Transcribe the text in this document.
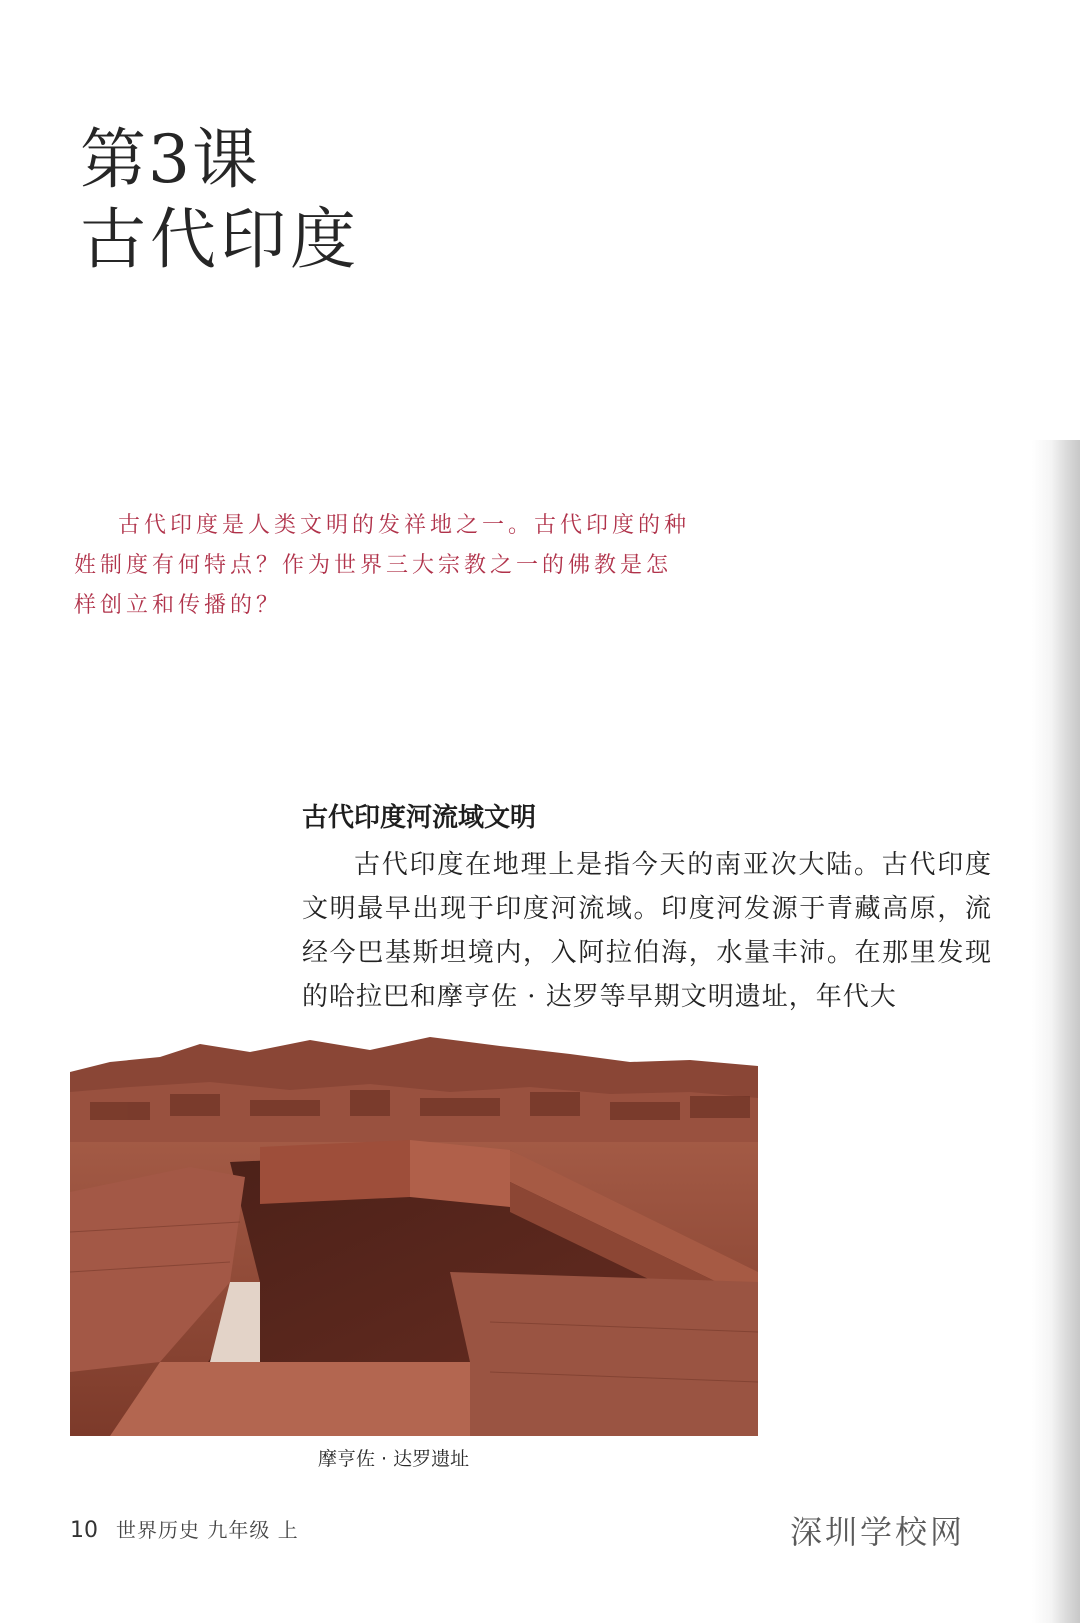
第3课
古代印度

古代印度是人类文明的发祥地之一。古代印度的种姓制度有何特点？作为世界三大宗教之一的佛教是怎样创立和传播的？

古代印度河流域文明

古代印度在地理上是指今天的南亚次大陆。古代印度文明最早出现于印度河流域。印度河发源于青藏高原，流经今巴基斯坦境内，入阿拉伯海，水量丰沛。在那里发现的哈拉巴和摩亨佐 · 达罗等早期文明遗址，年代大

摩亨佐 · 达罗遗址
10 世界历史 九年级 上	深圳学校网
